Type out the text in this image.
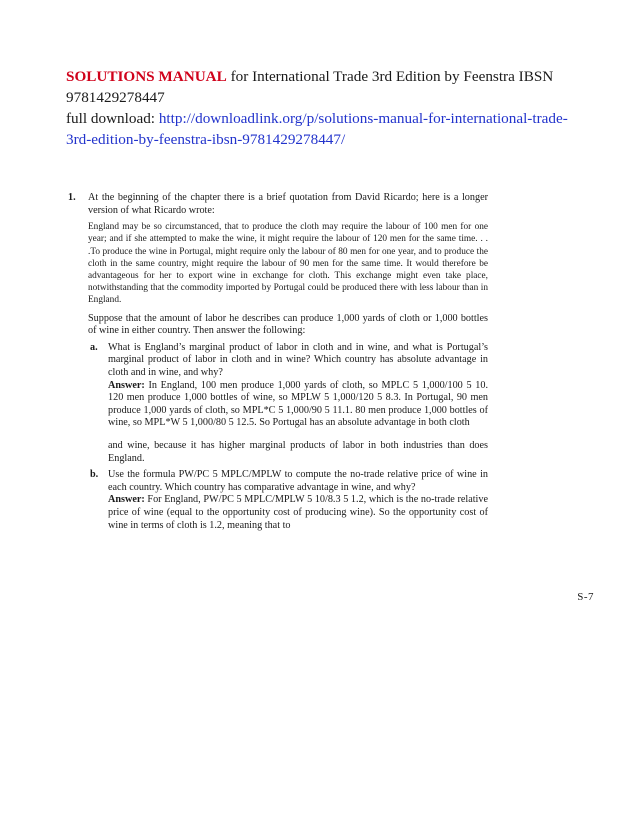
SOLUTIONS MANUAL for International Trade 3rd Edition by Feenstra IBSN 9781429278447
full download: http://downloadlink.org/p/solutions-manual-for-international-trade-3rd-edition-by-feenstra-ibsn-9781429278447/
1. At the beginning of the chapter there is a brief quotation from David Ricardo; here is a longer version of what Ricardo wrote:

England may be so circumstanced, that to produce the cloth may require the labour of 100 men for one year; and if she attempted to make the wine, it might require the labour of 120 men for the same time. . . .To produce the wine in Portugal, might require only the labour of 80 men for one year, and to produce the cloth in the same country, might require the labour of 90 men for the same time. It would therefore be advantageous for her to export wine in exchange for cloth. This exchange might even take place, notwithstanding that the commodity imported by Portugal could be produced there with less labour than in England.

Suppose that the amount of labor he describes can produce 1,000 yards of cloth or 1,000 bottles of wine in either country. Then answer the following:

a. What is England’s marginal product of labor in cloth and in wine, and what is Portugal’s marginal product of labor in cloth and in wine? Which country has absolute advantage in cloth and in wine, and why?

Answer: In England, 100 men produce 1,000 yards of cloth, so MPLC 5 1,000/100 5 10. 120 men produce 1,000 bottles of wine, so MPLW 5 1,000/120 5 8.3. In Portugal, 90 men produce 1,000 yards of cloth, so MPL*C 5 1,000/90 5 11.1. 80 men produce 1,000 bottles of wine, so MPL*W 5 1,000/80 5 12.5. So Portugal has an absolute advantage in both cloth

and wine, because it has higher marginal products of labor in both industries than does England.

b. Use the formula PW/PC 5 MPLC/MPLW to compute the no-trade relative price of wine in each country. Which country has comparative advantage in wine, and why?

Answer: For England, PW/PC 5 MPLC/MPLW 5 10/8.3 5 1.2, which is the no-trade relative price of wine (equal to the opportunity cost of producing wine). So the opportunity cost of wine in terms of cloth is 1.2, meaning that to

S-7
